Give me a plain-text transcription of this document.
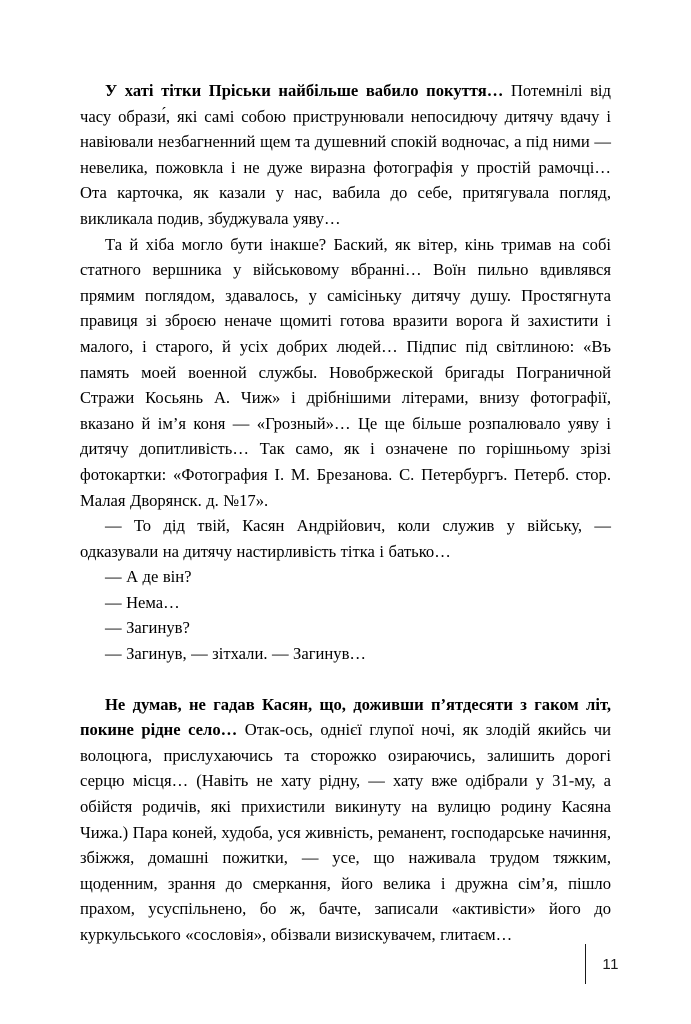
У хаті тітки Пріськи найбільше вабило покуття… Потемнілі від часу образи́, які самі собою приструнювали непосидючу дитячу вдачу і навіювали незбагненний щем та душевний спокій водночас, а під ними — невелика, пожовкла і не дуже виразна фотографія у простій рамочці… Ота карточка, як казали у нас, вабила до себе, притягувала погляд, викликала подив, збуджувала уяву…

Та й хіба могло бути інакше? Баский, як вітер, кінь тримав на собі статного вершника у військовому вбранні… Воїн пильно вдивлявся прямим поглядом, здавалось, у самісіньку дитячу душу. Простягнута правиця зі зброєю неначе щомиті готова вразити ворога й захистити і малого, і старого, й усіх добрих людей… Підпис під світлиною: «Въ память моей военной службы. Новобржеской бригады Пограничной Стражи Косьянь А. Чиж» і дрібнішими літерами, внизу фотографії, вказано й ім’я коня — «Грозный»… Це ще більше розпалювало уяву і дитячу допитливість… Так само, як і означене по горішньому зрізі фотокартки: «Фотография І. М. Брезанова. С. Петербургъ. Петерб. стор. Малая Дворянск. д. №17».

— То дід твій, Касян Андрійович, коли служив у війську, — одказували на дитячу настирливість тітка і батько…

— А де він?

— Нема…

— Загинув?

— Загинув, — зітхали. — Загинув…

Не думав, не гадав Касян, що, доживши п’ятдесяти з гаком літ, покине рідне село… Отак-ось, однієї глупої ночі, як злодій якийсь чи волоцюга, прислухаючись та сторожко озираючись, залишить дорогі серцю місця… (Навіть не хату рідну, — хату вже одібрали у 31-му, а обійстя родичів, які прихистили викинуту на вулицю родину Касяна Чижа.) Пара коней, худоба, уся живність, реманент, господарське начиння, збіжжя, домашні пожитки, — усе, що наживала трудом тяжким, щоденним, зрання до смеркання, його велика і дружна сім’я, пішло прахом, усуспільнено, бо ж, бачте, записали «активісти» його до куркульського «сословія», обізвали визискувачем, глитаєм…

11
